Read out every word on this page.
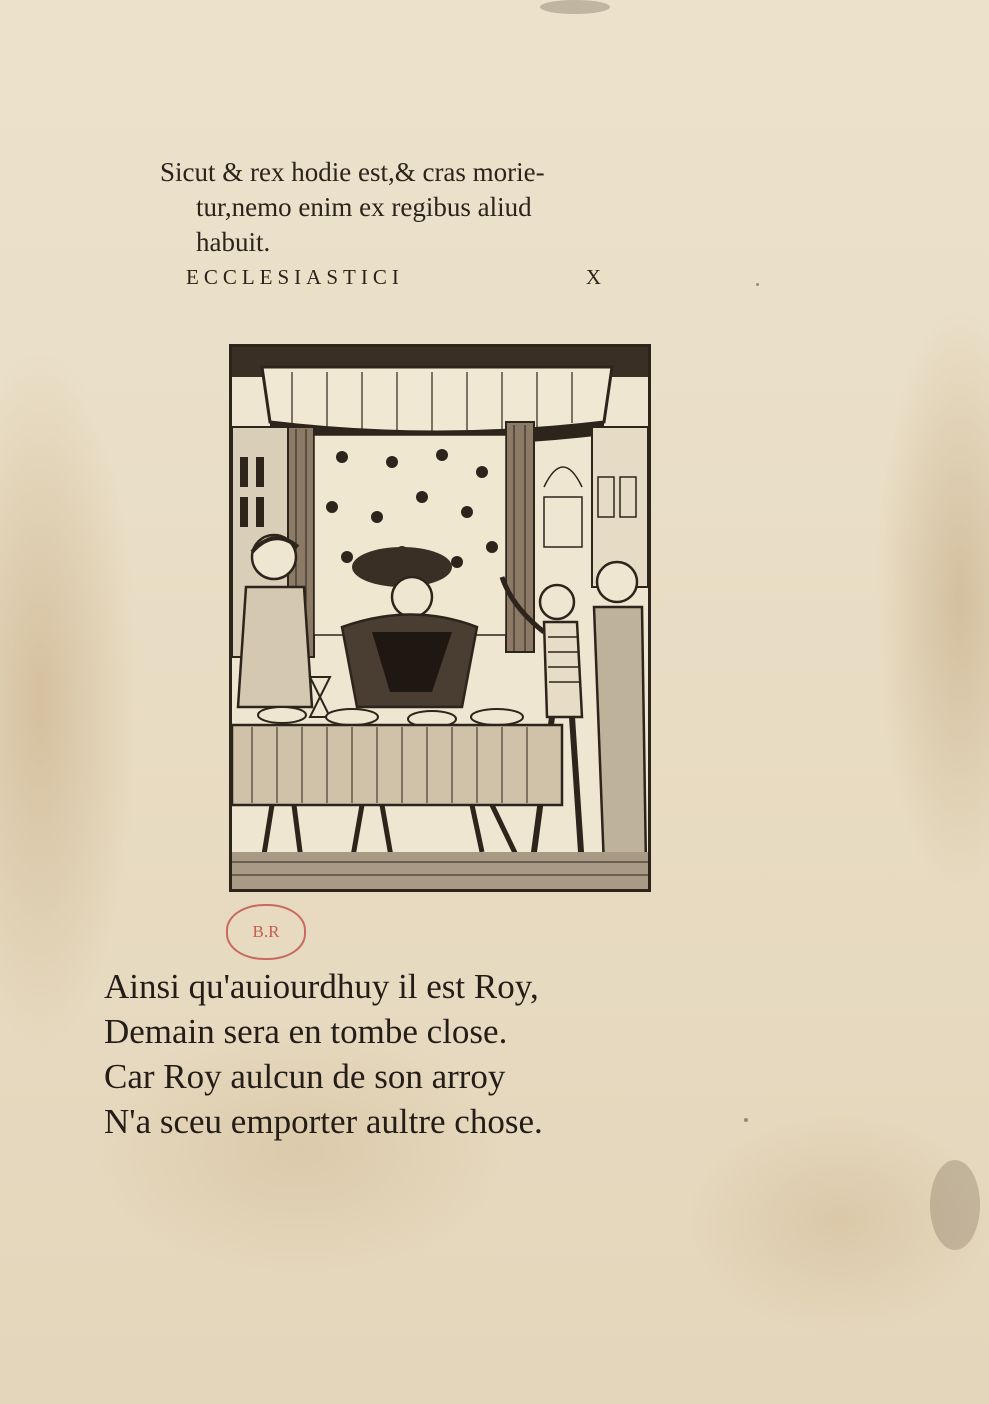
Sicut & rex hodie est,& cras morie-
tur,nemo enim ex regibus aliud
habuit.
ECCLESIASTICI	X
B.R
Ainsi qu'auiourdhuy il est Roy,
Demain sera en tombe close.
Car Roy aulcun de son arroy
N'a sceu emporter aultre chose.
